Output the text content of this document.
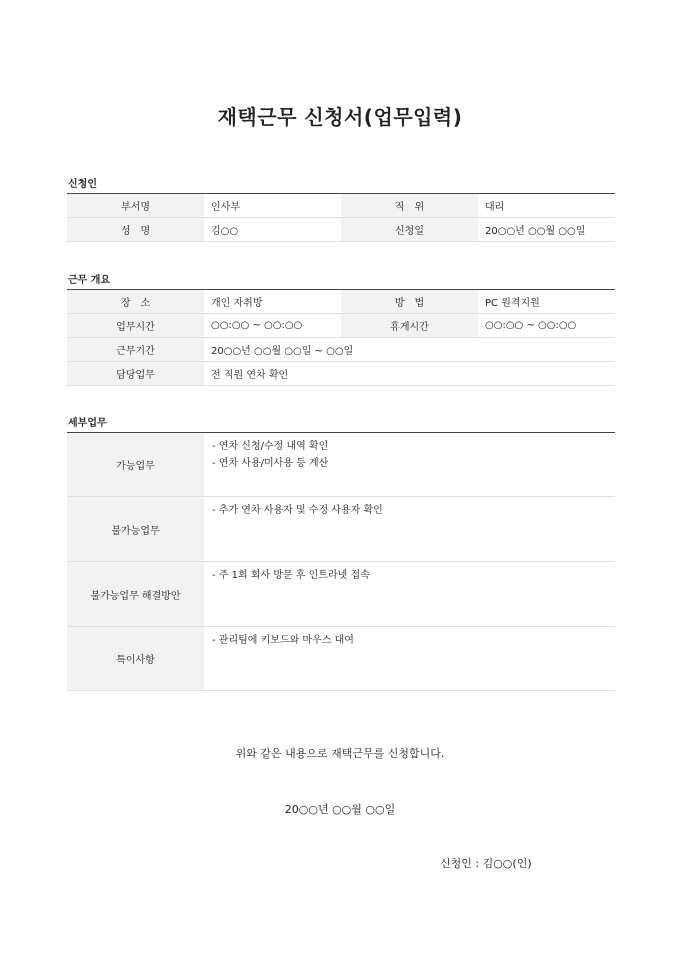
재택근무 신청서(업무입력)
신청인
부서명	인사부	직　위	대리
성　명	김○○	신청일	20○○년 ○○월 ○○일
근무 개요
장　소	개인 자취방	방　법	PC 원격지원
업무시간	○○:○○ ~ ○○:○○	휴게시간	○○:○○ ~ ○○:○○
근무기간	20○○년 ○○월 ○○일 ~ ○○일		
담당업무	전 직원 연차 확인		
세부업무
가능업무	- 연차 신청/수정 내역 확인
- 연차 사용/미사용 등 계산

불가능업무	- 추가 연차 사용자 및 수정 사용자 확인

불가능업무 해결방안	- 주 1회 회사 방문 후 인트라넷 접속

특이사항	- 관리팀에 키보드와 마우스 대여
위와 같은 내용으로 재택근무를 신청합니다.
20○○년 ○○월 ○○일
신청인 : 김○○(인)
